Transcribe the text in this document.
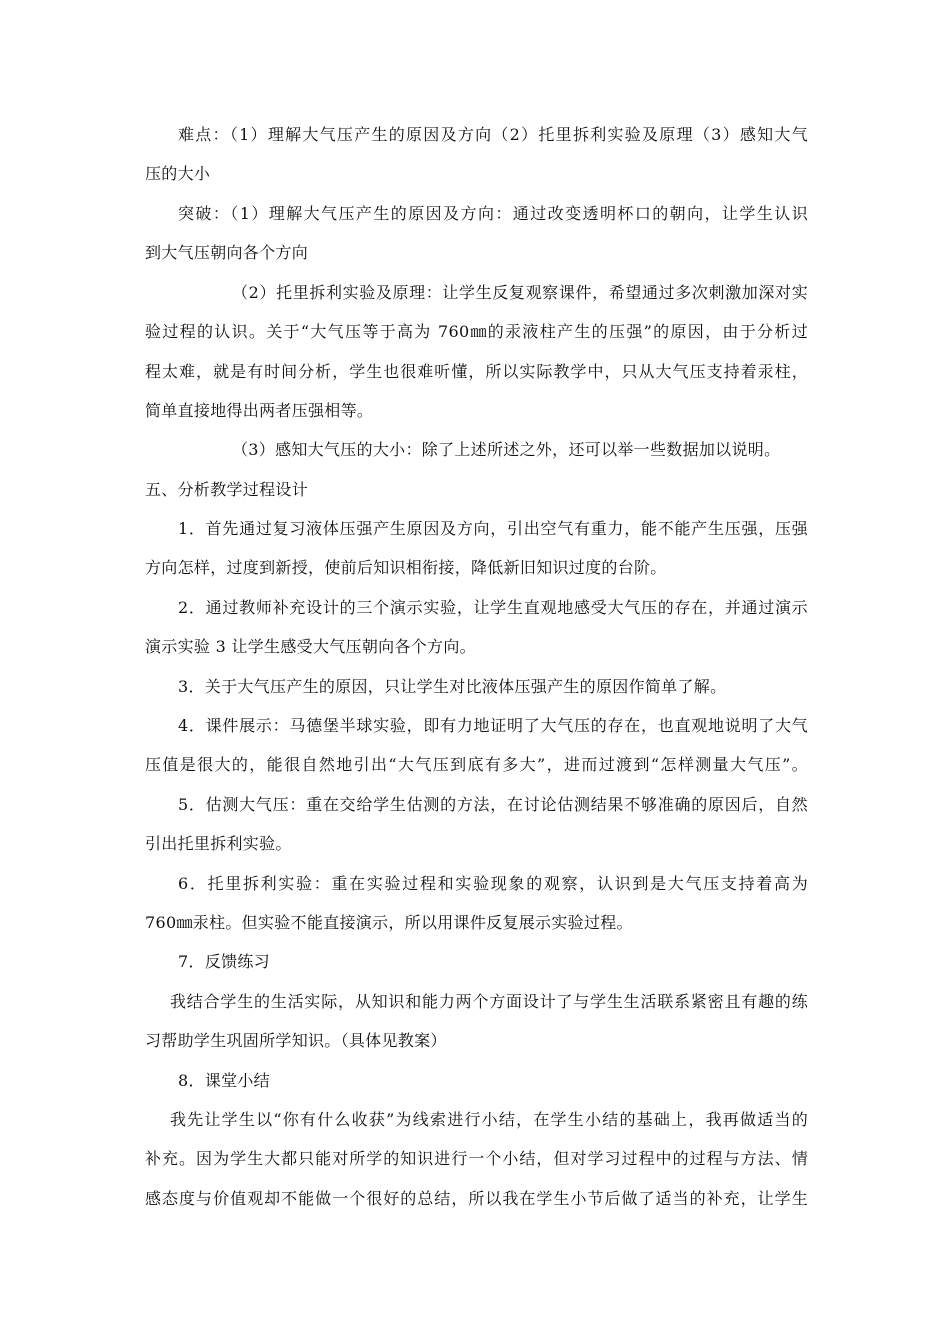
难点：（1）理解大气压产生的原因及方向（2）托里拆利实验及原理（3）感知大气
压的大小
突破：（1）理解大气压产生的原因及方向：通过改变透明杯口的朝向，让学生认识
到大气压朝向各个方向
（2）托里拆利实验及原理：让学生反复观察课件，希望通过多次刺激加深对实
验过程的认识。关于“大气压等于高为 760㎜的汞液柱产生的压强”的原因，由于分析过
程太难，就是有时间分析，学生也很难听懂，所以实际教学中，只从大气压支持着汞柱，
简单直接地得出两者压强相等。
（3）感知大气压的大小：除了上述所述之外，还可以举一些数据加以说明。
五、分析教学过程设计
1．首先通过复习液体压强产生原因及方向，引出空气有重力，能不能产生压强，压强
方向怎样，过度到新授，使前后知识相衔接，降低新旧知识过度的台阶。
2．通过教师补充设计的三个演示实验，让学生直观地感受大气压的存在，并通过演示
演示实验 3 让学生感受大气压朝向各个方向。
3．关于大气压产生的原因，只让学生对比液体压强产生的原因作简单了解。
4．课件展示：马德堡半球实验，即有力地证明了大气压的存在，也直观地说明了大气
压值是很大的，能很自然地引出“大气压到底有多大”，进而过渡到“怎样测量大气压”。
5．估测大气压：重在交给学生估测的方法，在讨论估测结果不够准确的原因后，自然
引出托里拆利实验。
6．托里拆利实验：重在实验过程和实验现象的观察，认识到是大气压支持着高为
760㎜汞柱。但实验不能直接演示，所以用课件反复展示实验过程。
7．反馈练习
我结合学生的生活实际，从知识和能力两个方面设计了与学生生活联系紧密且有趣的练
习帮助学生巩固所学知识。（具体见教案）
8．课堂小结
我先让学生以“你有什么收获”为线索进行小结，在学生小结的基础上，我再做适当的
补充。因为学生大都只能对所学的知识进行一个小结，但对学习过程中的过程与方法、情
感态度与价值观却不能做一个很好的总结，所以我在学生小节后做了适当的补充，让学生
